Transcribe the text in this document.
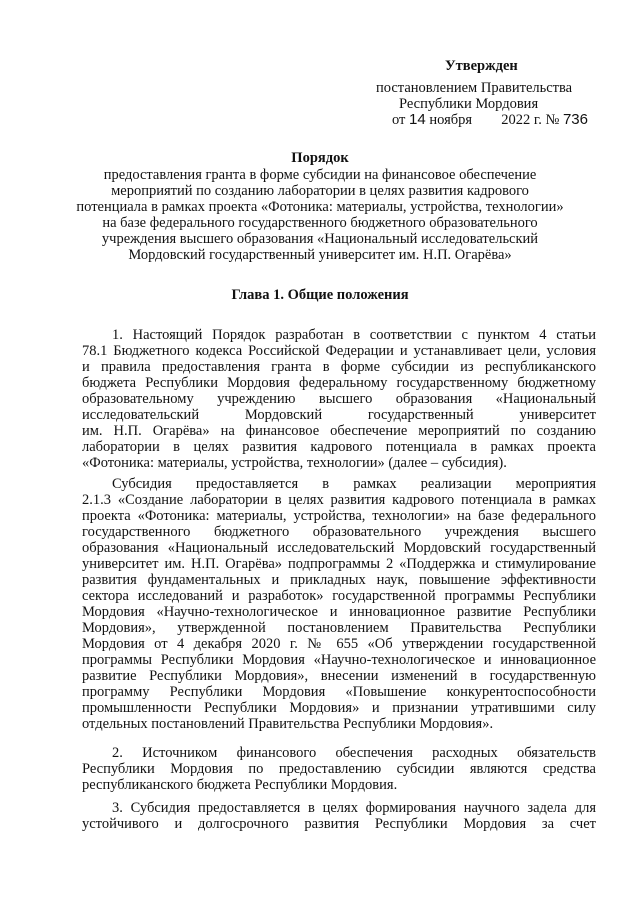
Утвержден
постановлением Правительства
Республики Мордовия
от 14 ноября 2022 г. № 736
Порядок
предоставления гранта в форме субсидии на финансовое обеспечение
мероприятий по созданию лаборатории в целях развития кадрового
потенциала в рамках проекта «Фотоника: материалы, устройства, технологии»
на базе федерального государственного бюджетного образовательного
учреждения высшего образования «Национальный исследовательский
Мордовский государственный университет им. Н.П. Огарёва»
Глава 1. Общие положения
1. Настоящий Порядок разработан в соответствии с пунктом 4 статьи
78.1 Бюджетного кодекса Российской Федерации и устанавливает цели, условия
и правила предоставления гранта в форме субсидии из республиканского
бюджета Республики Мордовия федеральному государственному бюджетному
образовательному учреждению высшего образования «Национальный
исследовательский Мордовский государственный университет
им. Н.П. Огарёва» на финансовое обеспечение мероприятий по созданию
лаборатории в целях развития кадрового потенциала в рамках проекта
«Фотоника: материалы, устройства, технологии» (далее – субсидия).
Субсидия предоставляется в рамках реализации мероприятия
2.1.3 «Создание лаборатории в целях развития кадрового потенциала в рамках
проекта «Фотоника: материалы, устройства, технологии» на базе федерального
государственного бюджетного образовательного учреждения высшего
образования «Национальный исследовательский Мордовский государственный
университет им. Н.П. Огарёва» подпрограммы 2 «Поддержка и стимулирование
развития фундаментальных и прикладных наук, повышение эффективности
сектора исследований и разработок» государственной программы Республики
Мордовия «Научно-технологическое и инновационное развитие Республики
Мордовия», утвержденной постановлением Правительства Республики
Мордовия от 4 декабря 2020 г. № 655 «Об утверждении государственной
программы Республики Мордовия «Научно-технологическое и инновационное
развитие Республики Мордовия», внесении изменений в государственную
программу Республики Мордовия «Повышение конкурентоспособности
промышленности Республики Мордовия» и признании утратившими силу
отдельных постановлений Правительства Республики Мордовия».
2. Источником финансового обеспечения расходных обязательств
Республики Мордовия по предоставлению субсидии являются средства
республиканского бюджета Республики Мордовия.
3. Субсидия предоставляется в целях формирования научного задела для
устойчивого и долгосрочного развития Республики Мордовия за счет
